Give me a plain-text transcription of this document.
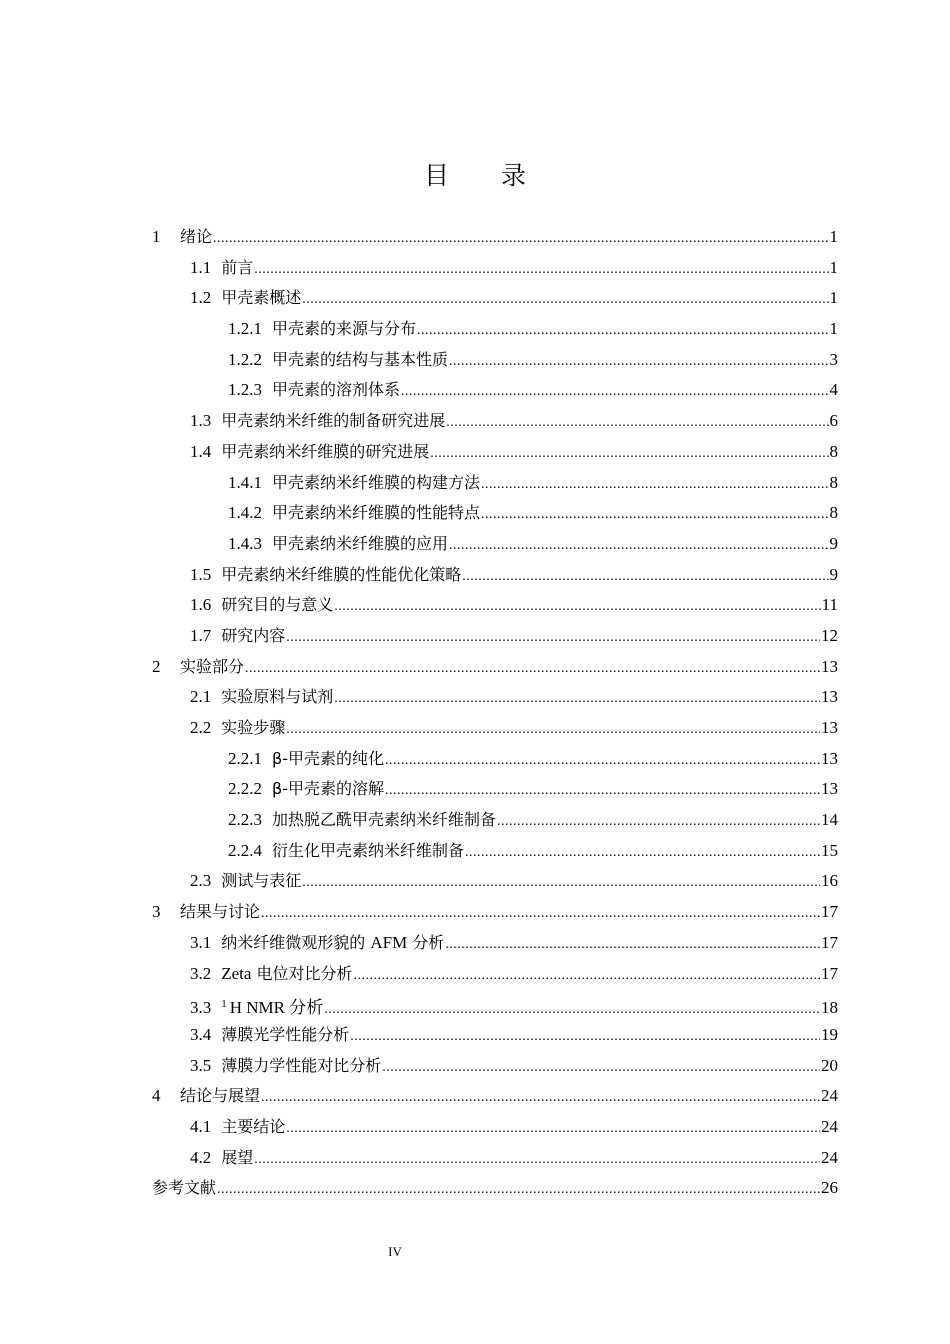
目 录
1	绪论 .....	1
1.1 前言 .....	1
1.2 甲壳素概述 .....	1
1.2.1 甲壳素的来源与分布 .....	1
1.2.2 甲壳素的结构与基本性质 .....	3
1.2.3 甲壳素的溶剂体系 .....	4
1.3 甲壳素纳米纤维的制备研究进展 .....	6
1.4 甲壳素纳米纤维膜的研究进展 .....	8
1.4.1 甲壳素纳米纤维膜的构建方法 .....	8
1.4.2 甲壳素纳米纤维膜的性能特点 .....	8
1.4.3 甲壳素纳米纤维膜的应用 .....	9
1.5 甲壳素纳米纤维膜的性能优化策略 .....	9
1.6 研究目的与意义 .....	11
1.7 研究内容 .....	12
2	实验部分 .....	13
2.1 实验原料与试剂 .....	13
2.2 实验步骤 .....	13
2.2.1 β-甲壳素的纯化 .....	13
2.2.2 β-甲壳素的溶解 .....	13
2.2.3 加热脱乙酰甲壳素纳米纤维制备 .....	14
2.2.4 衍生化甲壳素纳米纤维制备 .....	15
2.3 测试与表征 .....	16
3	结果与讨论 .....	17
3.1 纳米纤维微观形貌的 AFM 分析 .....	17
3.2 Zeta 电位对比分析 .....	17
3.3 $^1$ H NMR 分析 .....	18
3.4 薄膜光学性能分析 .....	19
3.5 薄膜力学性能对比分析 .....	20
4	结论与展望 .....	24
4.1 主要结论 .....	24
4.2 展望 .....	24
参考文献 .....	26
IV
